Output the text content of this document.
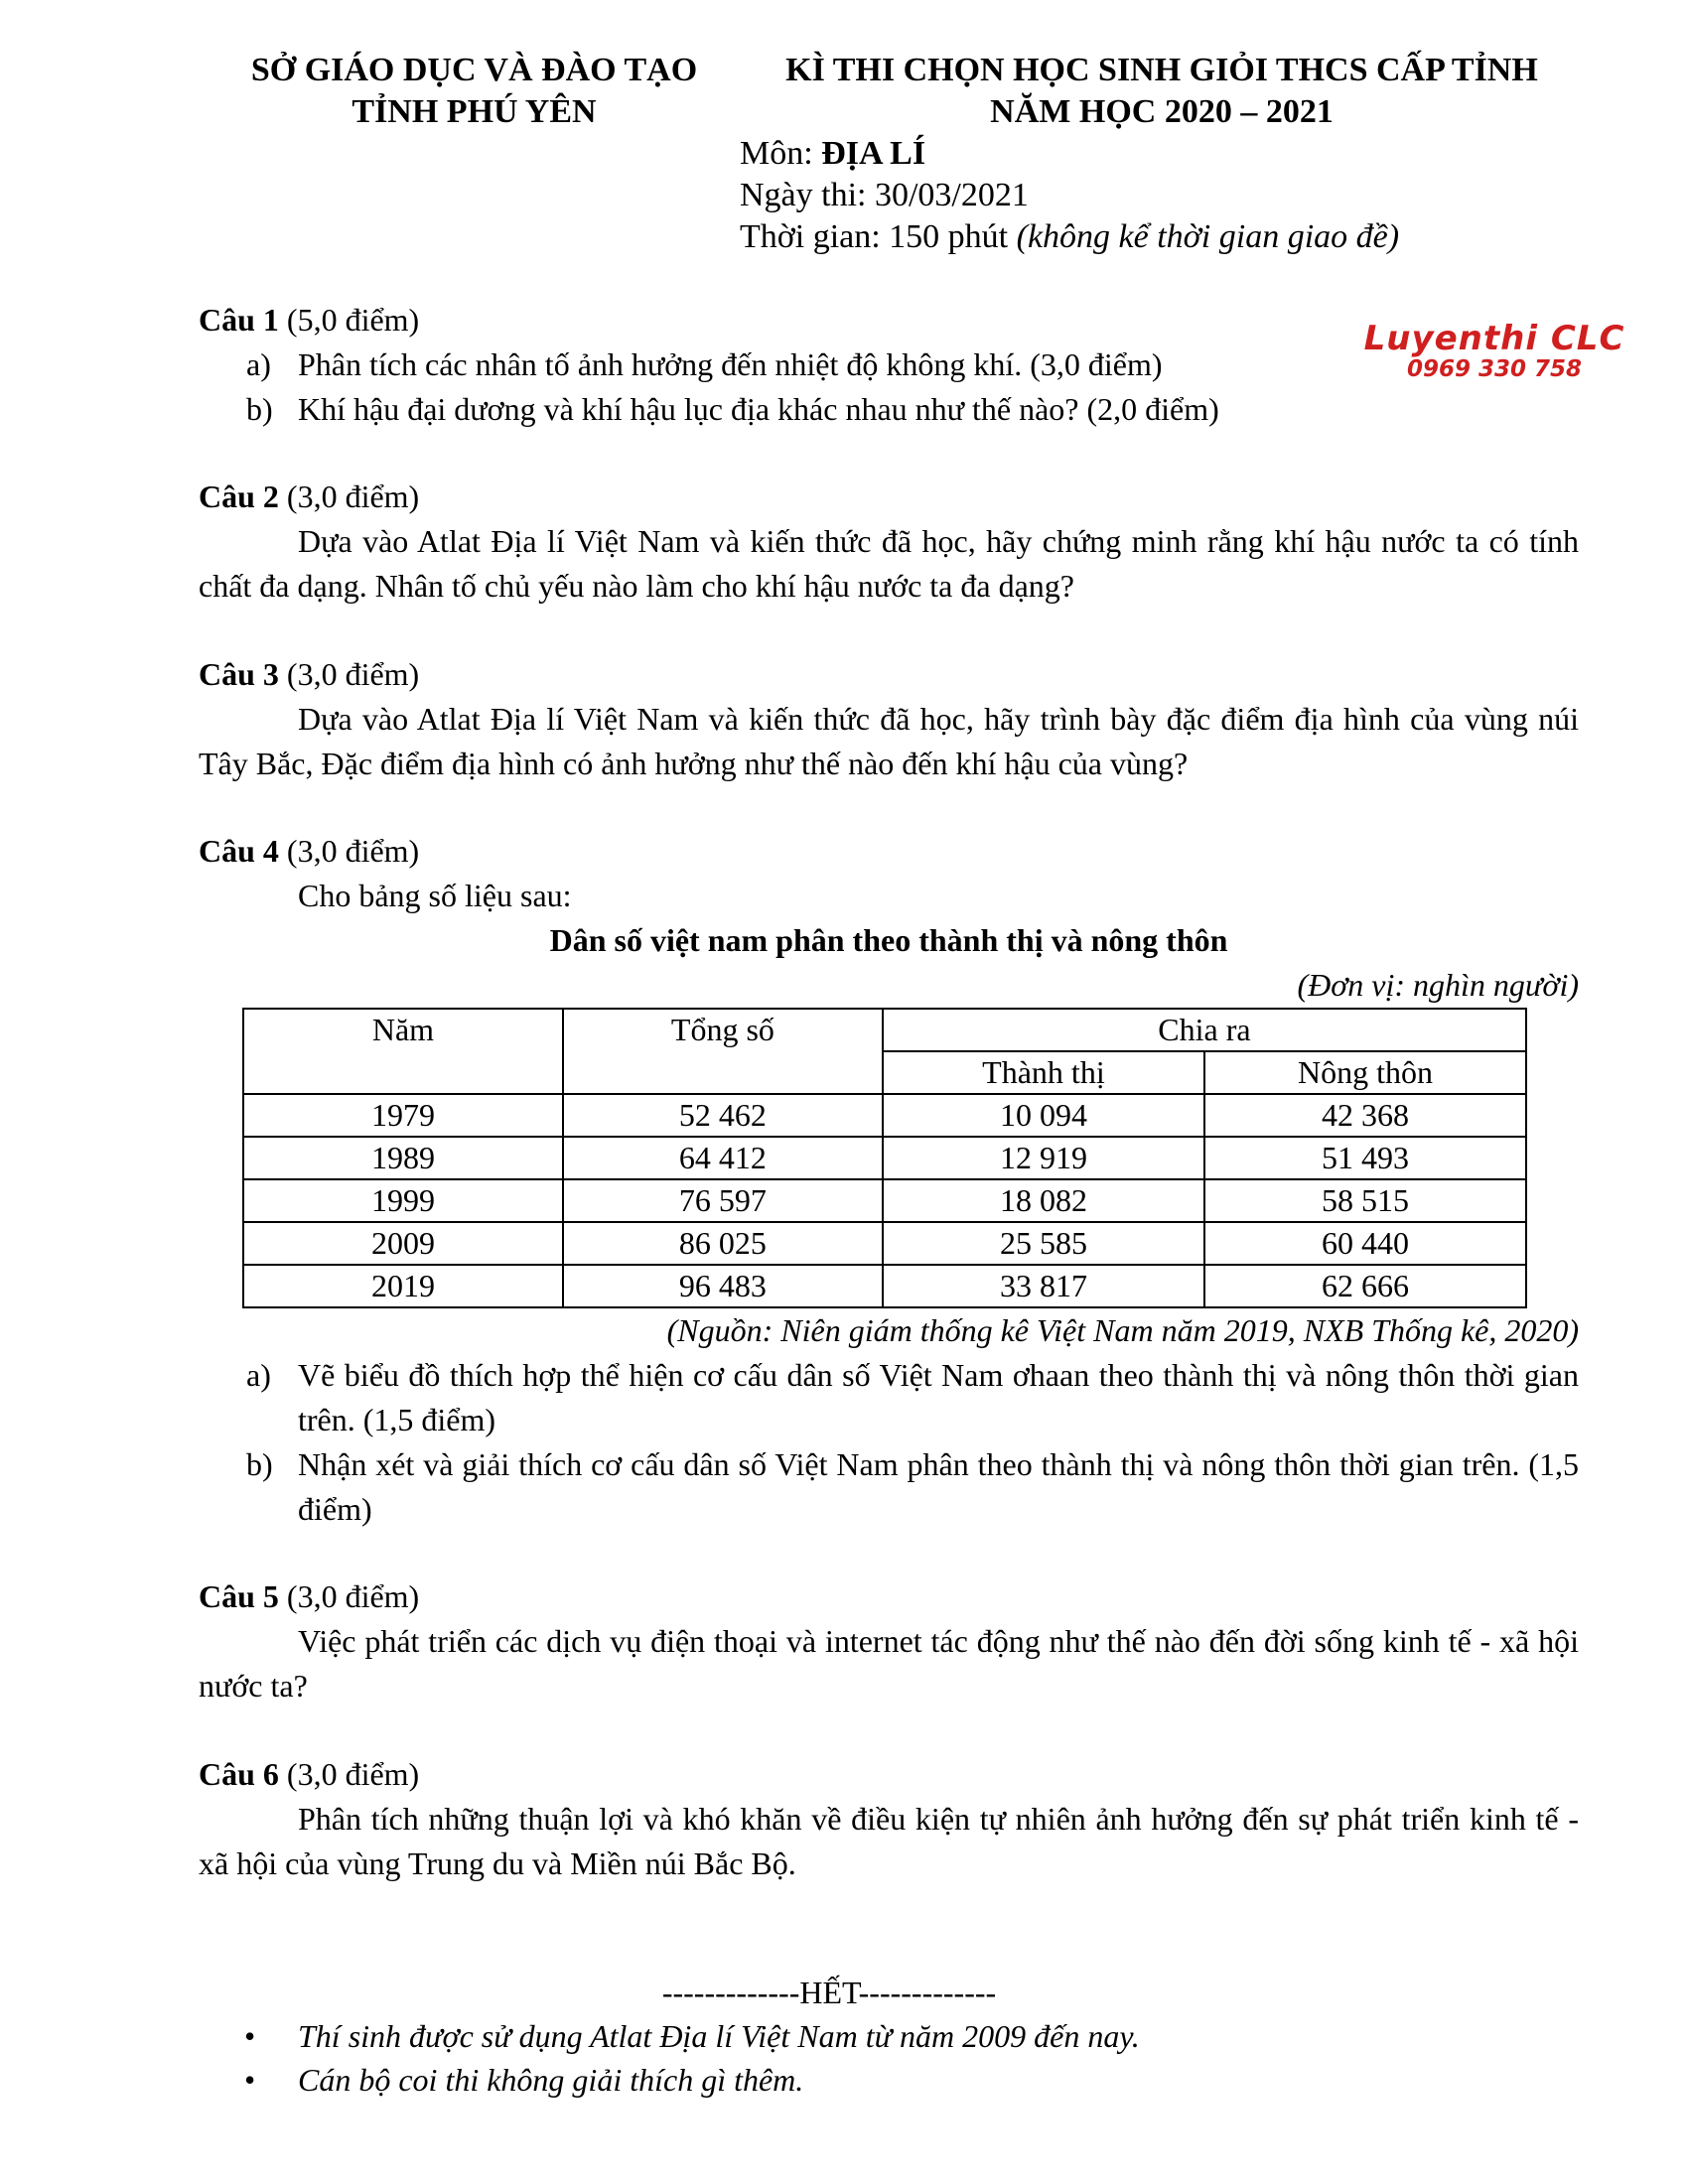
SỞ GIÁO DỤC VÀ ĐÀO TẠO
TỈNH PHÚ YÊN
KÌ THI CHỌN HỌC SINH GIỎI THCS CẤP TỈNH
NĂM HỌC 2020 – 2021
Môn: ĐỊA LÍ
Ngày thi: 30/03/2021
Thời gian: 150 phút (không kể thời gian giao đề)
Luyenthi CLC
0969 330 758
Câu 1 (5,0 điểm)
a) Phân tích các nhân tố ảnh hưởng đến nhiệt độ không khí. (3,0 điểm)
b) Khí hậu đại dương và khí hậu lục địa khác nhau như thế nào? (2,0 điểm)
Câu 2 (3,0 điểm)
Dựa vào Atlat Địa lí Việt Nam và kiến thức đã học, hãy chứng minh rằng khí hậu nước ta có tính chất đa dạng. Nhân tố chủ yếu nào làm cho khí hậu nước ta đa dạng?
Câu 3 (3,0 điểm)
Dựa vào Atlat Địa lí Việt Nam và kiến thức đã học, hãy trình bày đặc điểm địa hình của vùng núi Tây Bắc, Đặc điểm địa hình có ảnh hưởng như thế nào đến khí hậu của vùng?
Câu 4 (3,0 điểm)
Cho bảng số liệu sau:
Dân số việt nam phân theo thành thị và nông thôn
(Đơn vị: nghìn người)
Năm	Tổng số	Chia ra	
		Thành thị	Nông thôn
1979	52 462	10 094	42 368
1989	64 412	12 919	51 493
1999	76 597	18 082	58 515
2009	86 025	25 585	60 440
2019	96 483	33 817	62 666
(Nguồn: Niên giám thống kê Việt Nam năm 2019, NXB Thống kê, 2020)
a) Vẽ biểu đồ thích hợp thể hiện cơ cấu dân số Việt Nam ơhaan theo thành thị và nông thôn thời gian trên. (1,5 điểm)
b) Nhận xét và giải thích cơ cấu dân số Việt Nam phân theo thành thị và nông thôn thời gian trên. (1,5 điểm)
Câu 5 (3,0 điểm)
Việc phát triển các dịch vụ điện thoại và internet tác động như thế nào đến đời sống kinh tế - xã hội nước ta?
Câu 6 (3,0 điểm)
Phân tích những thuận lợi và khó khăn về điều kiện tự nhiên ảnh hưởng đến sự phát triển kinh tế - xã hội của vùng Trung du và Miền núi Bắc Bộ.
-------------HẾT-------------
•	Thí sinh được sử dụng Atlat Địa lí Việt Nam từ năm 2009 đến nay.
•	Cán bộ coi thi không giải thích gì thêm.
